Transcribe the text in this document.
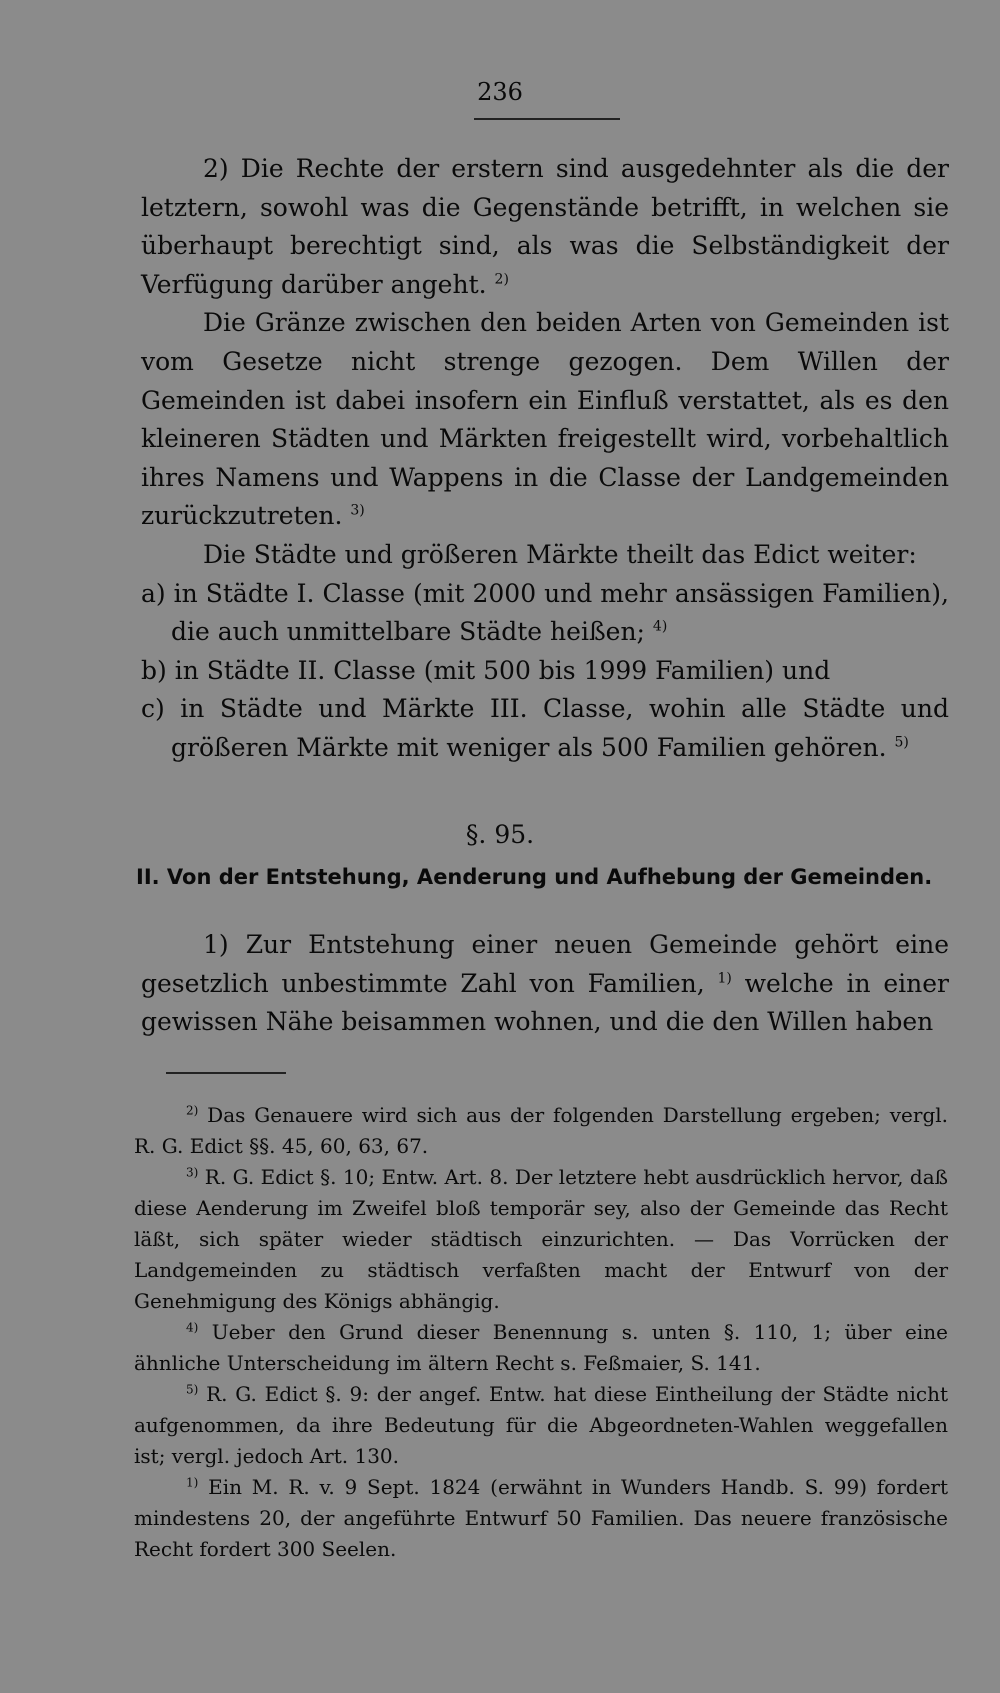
236

2) Die Rechte der erstern sind ausgedehnter als die der letztern, sowohl was die Gegenstände betrifft, in welchen sie überhaupt berechtigt sind, als was die Selbständigkeit der Verfügung darüber angeht. $^{2)}$

Die Gränze zwischen den beiden Arten von Gemeinden ist vom Gesetze nicht strenge gezogen. Dem Willen der Gemeinden ist dabei insofern ein Einfluß verstattet, als es den kleineren Städten und Märkten freigestellt wird, vorbehaltlich ihres Namens und Wappens in die Classe der Landgemeinden zurückzutreten. $^{3)}$

Die Städte und größeren Märkte theilt das Edict weiter:

a) in Städte I. Classe (mit 2000 und mehr ansässigen Familien), die auch unmittelbare Städte heißen; $^{4)}$

b) in Städte II. Classe (mit 500 bis 1999 Familien) und

c) in Städte und Märkte III. Classe, wohin alle Städte und größeren Märkte mit weniger als 500 Familien gehören. $^{5)}$

§. 95.
II. Von der Entstehung, Aenderung und Aufhebung der Gemeinden.

1) Zur Entstehung einer neuen Gemeinde gehört eine gesetzlich unbestimmte Zahl von Familien, $^{1)}$ welche in einer gewissen Nähe beisammen wohnen, und die den Willen haben

$^{2)}$ Das Genauere wird sich aus der folgenden Darstellung ergeben; vergl. R. G. Edict §§. 45, 60, 63, 67.

$^{3)}$ R. G. Edict §. 10; Entw. Art. 8. Der letztere hebt ausdrücklich hervor, daß diese Aenderung im Zweifel bloß temporär sey, also der Gemeinde das Recht läßt, sich später wieder städtisch einzurichten. — Das Vorrücken der Landgemeinden zu städtisch verfaßten macht der Entwurf von der Genehmigung des Königs abhängig.

$^{4)}$ Ueber den Grund dieser Benennung s. unten §. 110, 1; über eine ähnliche Unterscheidung im ältern Recht s. Feßmaier, S. 141.

$^{5)}$ R. G. Edict §. 9: der angef. Entw. hat diese Eintheilung der Städte nicht aufgenommen, da ihre Bedeutung für die Abgeordneten-Wahlen weggefallen ist; vergl. jedoch Art. 130.

$^{1)}$ Ein M. R. v. 9 Sept. 1824 (erwähnt in Wunders Handb. S. 99) fordert mindestens 20, der angeführte Entwurf 50 Familien. Das neuere französische Recht fordert 300 Seelen.
